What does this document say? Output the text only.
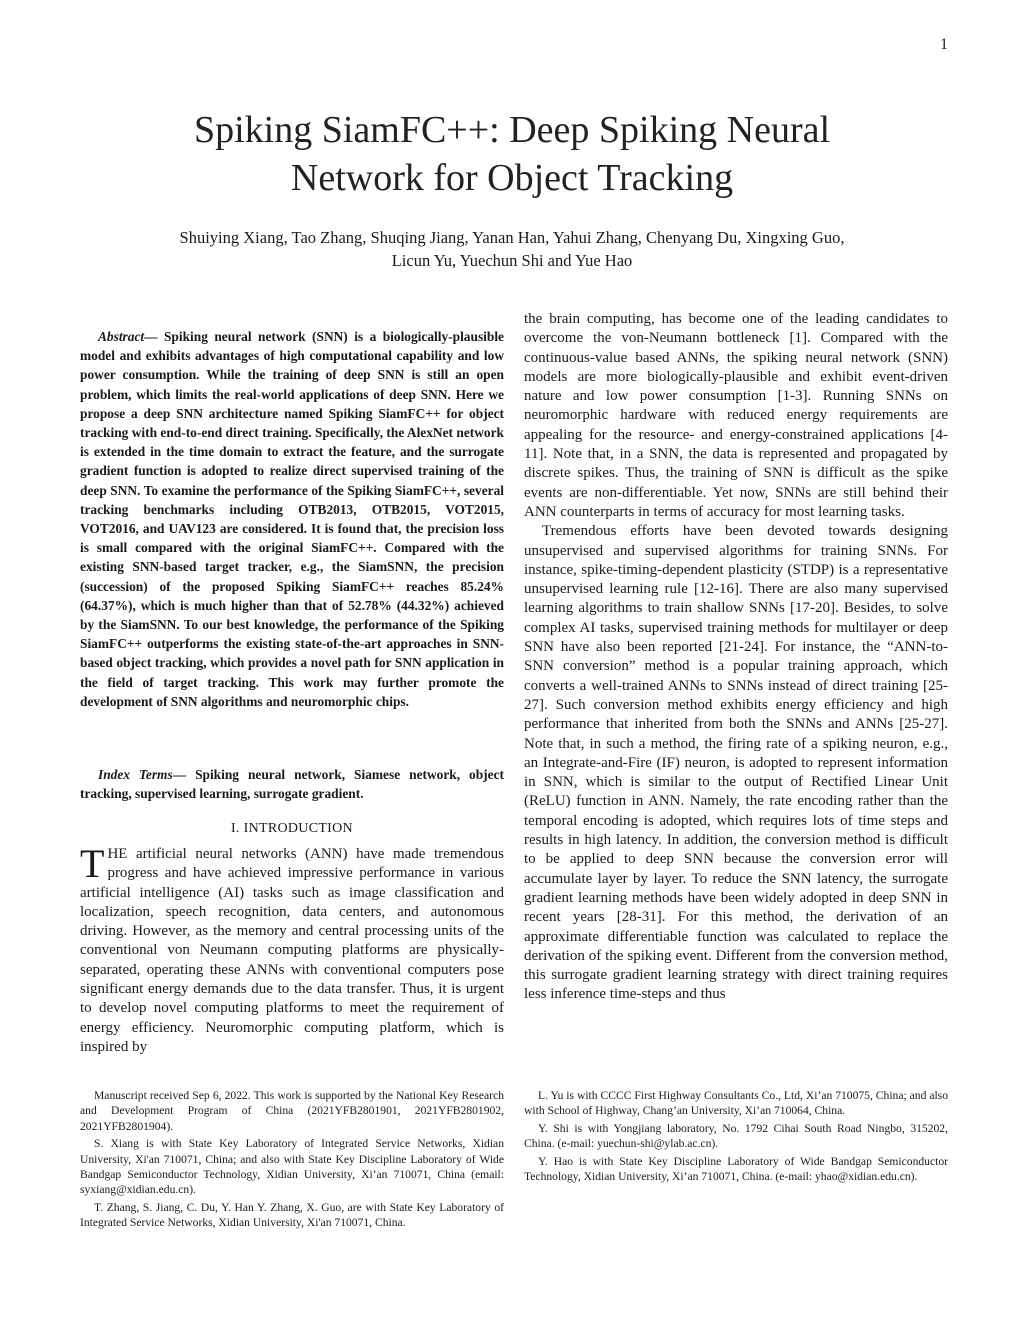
1
Spiking SiamFC++: Deep Spiking Neural
Network for Object Tracking
Shuiying Xiang, Tao Zhang, Shuqing Jiang, Yanan Han, Yahui Zhang, Chenyang Du, Xingxing Guo,
Licun Yu, Yuechun Shi and Yue Hao

Abstract— Spiking neural network (SNN) is a biologically-plausible model and exhibits advantages of high computational capability and low power consumption. While the training of deep SNN is still an open problem, which limits the real-world applications of deep SNN. Here we propose a deep SNN architecture named Spiking SiamFC++ for object tracking with end-to-end direct training. Specifically, the AlexNet network is extended in the time domain to extract the feature, and the surrogate gradient function is adopted to realize direct supervised training of the deep SNN. To examine the performance of the Spiking SiamFC++, several tracking benchmarks including OTB2013, OTB2015, VOT2015, VOT2016, and UAV123 are considered. It is found that, the precision loss is small compared with the original SiamFC++. Compared with the existing SNN-based target tracker, e.g., the SiamSNN, the precision (succession) of the proposed Spiking SiamFC++ reaches 85.24% (64.37%), which is much higher than that of 52.78% (44.32%) achieved by the SiamSNN. To our best knowledge, the performance of the Spiking SiamFC++ outperforms the existing state-of-the-art approaches in SNN-based object tracking, which provides a novel path for SNN application in the field of target tracking. This work may further promote the development of SNN algorithms and neuromorphic chips.

Index Terms— Spiking neural network, Siamese network, object tracking, supervised learning, surrogate gradient.

I. INTRODUCTION

THE artificial neural networks (ANN) have made tremendous progress and have achieved impressive performance in various artificial intelligence (AI) tasks such as image classification and localization, speech recognition, data centers, and autonomous driving. However, as the memory and central processing units of the conventional von Neumann computing platforms are physically-separated, operating these ANNs with conventional computers pose significant energy demands due to the data transfer. Thus, it is urgent to develop novel computing platforms to meet the requirement of energy efficiency. Neuromorphic computing platform, which is inspired by

the brain computing, has become one of the leading candidates to overcome the von-Neumann bottleneck [1]. Compared with the continuous-value based ANNs, the spiking neural network (SNN) models are more biologically-plausible and exhibit event-driven nature and low power consumption [1-3]. Running SNNs on neuromorphic hardware with reduced energy requirements are appealing for the resource- and energy-constrained applications [4-11]. Note that, in a SNN, the data is represented and propagated by discrete spikes. Thus, the training of SNN is difficult as the spike events are non-differentiable. Yet now, SNNs are still behind their ANN counterparts in terms of accuracy for most learning tasks.

Tremendous efforts have been devoted towards designing unsupervised and supervised algorithms for training SNNs. For instance, spike-timing-dependent plasticity (STDP) is a representative unsupervised learning rule [12-16]. There are also many supervised learning algorithms to train shallow SNNs [17-20]. Besides, to solve complex AI tasks, supervised training methods for multilayer or deep SNN have also been reported [21-24]. For instance, the “ANN-to-SNN conversion” method is a popular training approach, which converts a well-trained ANNs to SNNs instead of direct training [25-27]. Such conversion method exhibits energy efficiency and high performance that inherited from both the SNNs and ANNs [25-27]. Note that, in such a method, the firing rate of a spiking neuron, e.g., an Integrate-and-Fire (IF) neuron, is adopted to represent information in SNN, which is similar to the output of Rectified Linear Unit (ReLU) function in ANN. Namely, the rate encoding rather than the temporal encoding is adopted, which requires lots of time steps and results in high latency. In addition, the conversion method is difficult to be applied to deep SNN because the conversion error will accumulate layer by layer. To reduce the SNN latency, the surrogate gradient learning methods have been widely adopted in deep SNN in recent years [28-31]. For this method, the derivation of an approximate differentiable function was calculated to replace the derivation of the spiking event. Different from the conversion method, this surrogate gradient learning strategy with direct training requires less inference time-steps and thus

Manuscript received Sep 6, 2022. This work is supported by the National Key Research and Development Program of China (2021YFB2801901, 2021YFB2801902, 2021YFB2801904).

S. Xiang is with State Key Laboratory of Integrated Service Networks, Xidian University, Xi'an 710071, China; and also with State Key Discipline Laboratory of Wide Bandgap Semiconductor Technology, Xidian University, Xi’an 710071, China (email: syxiang@xidian.edu.cn).

T. Zhang, S. Jiang, C. Du, Y. Han Y. Zhang, X. Guo, are with State Key Laboratory of Integrated Service Networks, Xidian University, Xi'an 710071, China.

L. Yu is with CCCC First Highway Consultants Co., Ltd, Xi’an 710075, China; and also with School of Highway, Chang’an University, Xi’an 710064, China.

Y. Shi is with Yongjiang laboratory, No. 1792 Cihai South Road Ningbo, 315202, China. (e-mail: yuechun-shi@ylab.ac.cn).

Y. Hao is with State Key Discipline Laboratory of Wide Bandgap Semiconductor Technology, Xidian University, Xi’an 710071, China. (e-mail: yhao@xidian.edu.cn).
